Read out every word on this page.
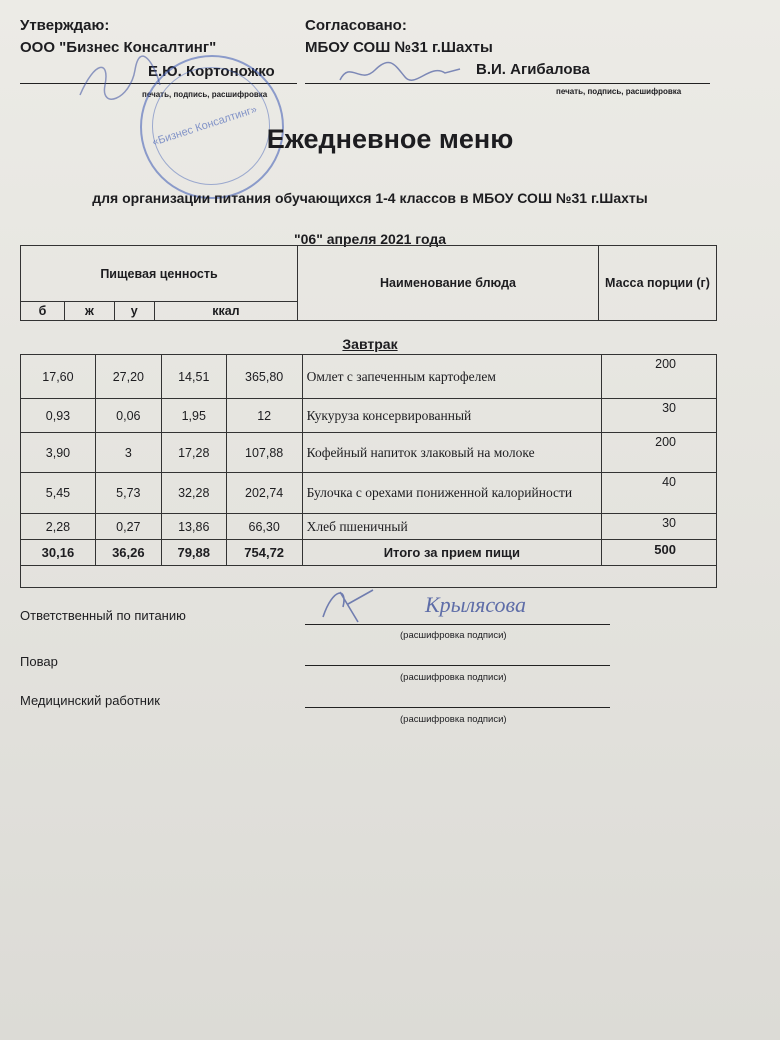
Утверждаю:
ООО "Бизнес Консалтинг"
Согласовано:
МБОУ СОШ №31 г.Шахты
Е.Ю. Кортоножко	В.И. Агибалова
печать, подпись, расшифровка	печать, подпись, расшифровка
«Бизнес Консалтинг» Ежедневное меню
для организации питания обучающихся 1-4 классов в МБОУ СОШ №31 г.Шахты
"06" апреля 2021 года
Пищевая ценность				Наименование блюда	Масса порции (г)
б	ж	у	ккал		
Завтрак
17,60	27,20	14,51	365,80	Омлет с запеченным картофелем	200
0,93	0,06	1,95	12	Кукуруза консервированный	30
3,90	3	17,28	107,88	Кофейный напиток злаковый на молоке	200
5,45	5,73	32,28	202,74	Булочка с орехами пониженной калорийности	40
2,28	0,27	13,86	66,30	Хлеб пшеничный	30
30,16	36,26	79,88	754,72	Итого за прием пищи	500

Ответственный по питанию
(расшифровка подписи)
Крылясова
Повар
(расшифровка подписи)
Медицинский работник
(расшифровка подписи)
